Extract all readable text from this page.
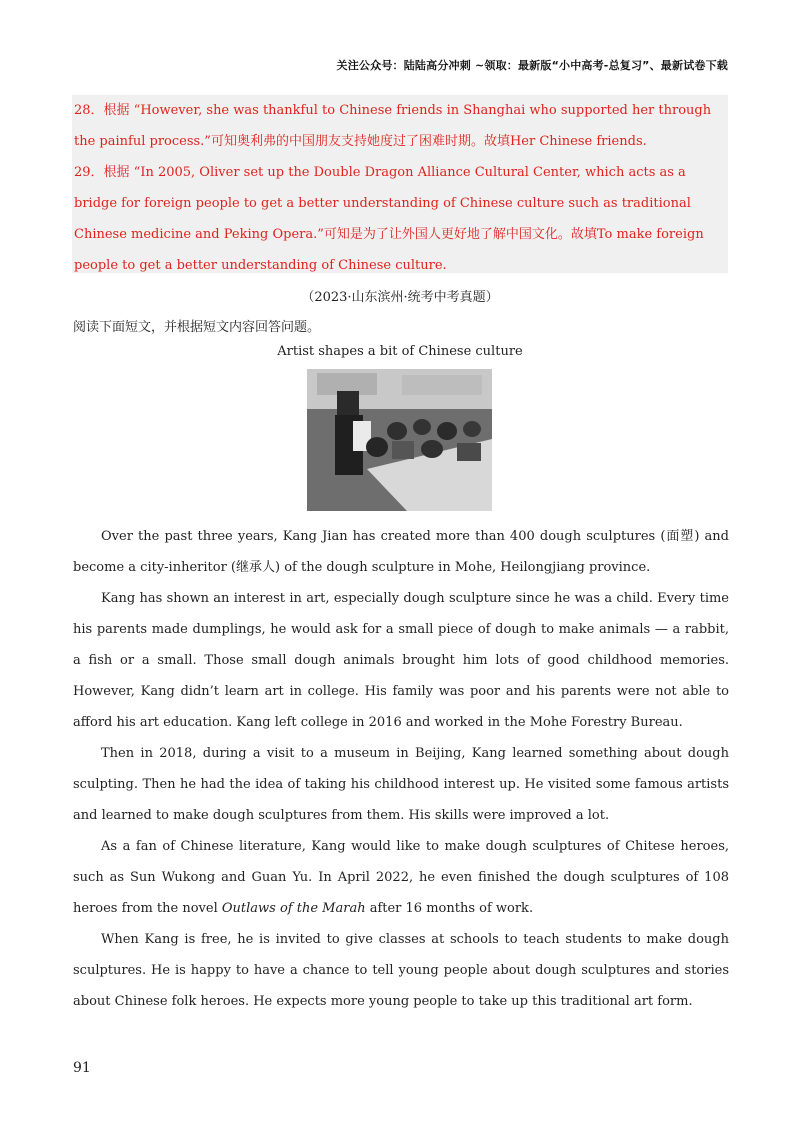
关注公众号：陆陆高分冲刺 ~领取：最新版“小中高考-总复习”、最新试卷下载

28．根据 “However, she was thankful to Chinese friends in Shanghai who supported her through the painful process.”可知奥利弗的中国朋友支持她度过了困难时期。故填Her Chinese friends.

29．根据 “In 2005, Oliver set up the Double Dragon Alliance Cultural Center, which acts as a bridge for foreign people to get a better understanding of Chinese culture such as traditional Chinese medicine and Peking Opera.”可知是为了让外国人更好地了解中国文化。故填To make foreign people to get a better understanding of Chinese culture.

（2023·山东滨州·统考中考真题）
阅读下面短文，并根据短文内容回答问题。
Artist shapes a bit of Chinese culture

Over the past three years, Kang Jian has created more than 400 dough sculptures (面塑) and become a city-inheritor (继承人) of the dough sculpture in Mohe, Heilongjiang province.

Kang has shown an interest in art, especially dough sculpture since he was a child. Every time his parents made dumplings, he would ask for a small piece of dough to make animals — a rabbit, a fish or a small. Those small dough animals brought him lots of good childhood memories. However, Kang didn’t learn art in college. His family was poor and his parents were not able to afford his art education. Kang left college in 2016 and worked in the Mohe Forestry Bureau.

Then in 2018, during a visit to a museum in Beijing, Kang learned something about dough sculpting. Then he had the idea of taking his childhood interest up. He visited some famous artists and learned to make dough sculptures from them. His skills were improved a lot.

As a fan of Chinese literature, Kang would like to make dough sculptures of Chitese heroes, such as Sun Wukong and Guan Yu. In April 2022, he even finished the dough sculptures of 108 heroes from the novel Outlaws of the Marah after 16 months of work.

When Kang is free, he is invited to give classes at schools to teach students to make dough sculptures. He is happy to have a chance to tell young people about dough sculptures and stories about Chinese folk heroes. He expects more young people to take up this traditional art form.

91
